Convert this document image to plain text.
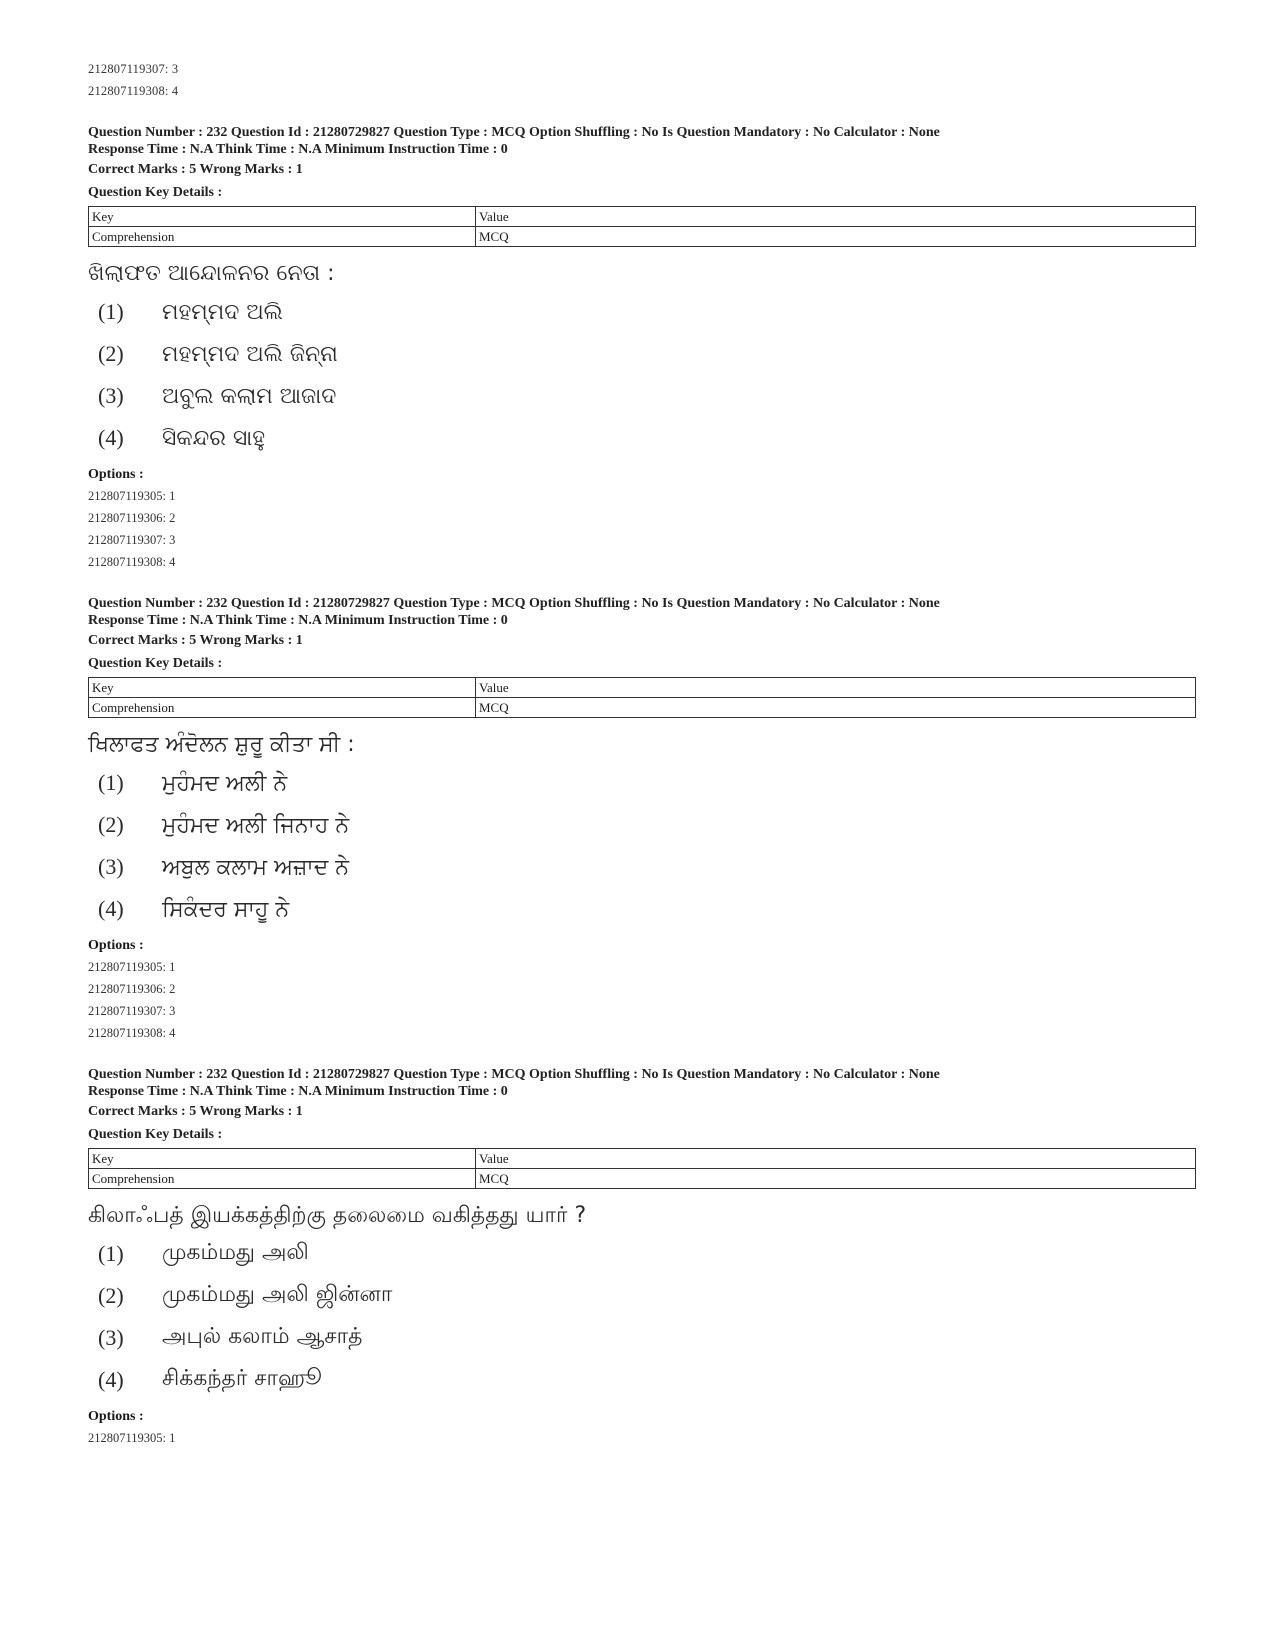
212807119307: 3
212807119308: 4
Question Number : 232 Question Id : 21280729827 Question Type : MCQ Option Shuffling : No Is Question Mandatory : No Calculator : None
Response Time : N.A Think Time : N.A Minimum Instruction Time : 0
Correct Marks : 5 Wrong Marks : 1
Question Key Details :
Key	Value
Comprehension	MCQ
ଖିଲାଫତ ଆନ୍ଦୋଳନର ନେତା :
(1)	ମହମ୍ମଦ ଅଲି
(2)	ମହମ୍ମଦ ଅଲି ଜିନ୍ନା
(3)	ଅବୁଲ କଲାମ ଆଜାଦ
(4)	ସିକନ୍ଦର ସାହୁ
Options :
212807119305: 1
212807119306: 2
212807119307: 3
212807119308: 4
Question Number : 232 Question Id : 21280729827 Question Type : MCQ Option Shuffling : No Is Question Mandatory : No Calculator : None
Response Time : N.A Think Time : N.A Minimum Instruction Time : 0
Correct Marks : 5 Wrong Marks : 1
Question Key Details :
Key	Value
Comprehension	MCQ
ਖਿਲਾਫਤ ਅੰਦੋਲਨ ਸ਼ੁਰੂ ਕੀਤਾ ਸੀ :
(1)	ਮੁਹੰਮਦ ਅਲੀ ਨੇ
(2)	ਮੁਹੰਮਦ ਅਲੀ ਜਿਨਾਹ ਨੇ
(3)	ਅਬੁਲ ਕਲਾਮ ਅਜ਼ਾਦ ਨੇ
(4)	ਸਿਕੰਦਰ ਸਾਹੂ ਨੇ
Options :
212807119305: 1
212807119306: 2
212807119307: 3
212807119308: 4
Question Number : 232 Question Id : 21280729827 Question Type : MCQ Option Shuffling : No Is Question Mandatory : No Calculator : None
Response Time : N.A Think Time : N.A Minimum Instruction Time : 0
Correct Marks : 5 Wrong Marks : 1
Question Key Details :
Key	Value
Comprehension	MCQ
கிலாஃபத் இயக்கத்திற்கு தலைமை வகித்தது யார் ?
(1)	முகம்மது அலி
(2)	முகம்மது அலி ஜின்னா
(3)	அபுல் கலாம் ஆசாத்
(4)	சிக்கந்தர் சாஹூ
Options :
212807119305: 1
